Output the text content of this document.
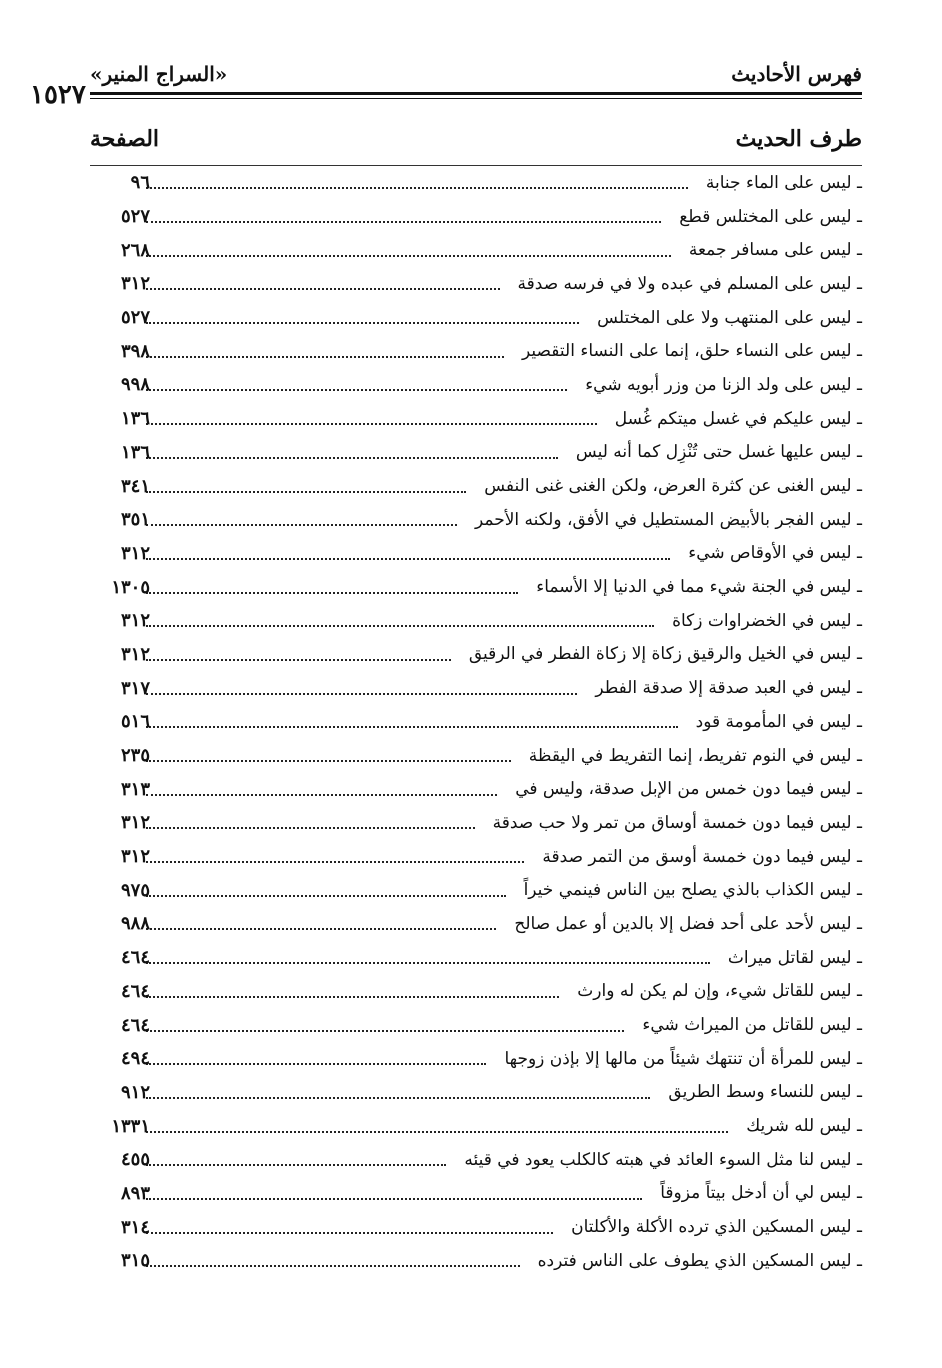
فهرس الأحاديث
«السراج المنير»
١٥٢٧
طرف الحديث
الصفحة
ـ ليس على الماء جنابة
٩٦
ـ ليس على المختلس قطع
٥٢٧
ـ ليس على مسافر جمعة
٢٦٨
ـ ليس على المسلم في عبده ولا في فرسه صدقة
٣١٢
ـ ليس على المنتهب ولا على المختلس
٥٢٧
ـ ليس على النساء حلق، إنما على النساء التقصير
٣٩٨
ـ ليس على ولد الزنا من وزر أبويه شيء
٩٩٨
ـ ليس عليكم في غسل ميتكم غُسل
١٣٦
ـ ليس عليها غسل حتى تُنْزِل كما أنه ليس
١٣٦
ـ ليس الغنى عن كثرة العرض، ولكن الغنى غنى النفس
٣٤١
ـ ليس الفجر بالأبيض المستطيل في الأفق، ولكنه الأحمر
٣٥١
ـ ليس في الأوقاص شيء
٣١٢
ـ ليس في الجنة شيء مما في الدنيا إلا الأسماء
١٣٠٥
ـ ليس في الخضراوات زكاة
٣١٢
ـ ليس في الخيل والرقيق زكاة إلا زكاة الفطر في الرقيق
٣١٢
ـ ليس في العبد صدقة إلا صدقة الفطر
٣١٧
ـ ليس في المأمومة قود
٥١٦
ـ ليس في النوم تفريط، إنما التفريط في اليقظة
٢٣٥
ـ ليس فيما دون خمس من الإبل صدقة، وليس في
٣١٣
ـ ليس فيما دون خمسة أوساق من تمر ولا حب صدقة
٣١٢
ـ ليس فيما دون خمسة أوسق من التمر صدقة
٣١٢
ـ ليس الكذاب بالذي يصلح بين الناس فينمي خيراً
٩٧٥
ـ ليس لأحد على أحد فضل إلا بالدين أو عمل صالح
٩٨٨
ـ ليس لقاتل ميراث
٤٦٤
ـ ليس للقاتل شيء، وإن لم يكن له وارث
٤٦٤
ـ ليس للقاتل من الميراث شيء
٤٦٤
ـ ليس للمرأة أن تنتهك شيئاً من مالها إلا بإذن زوجها
٤٩٤
ـ ليس للنساء وسط الطريق
٩١٢
ـ ليس لله شريك
١٣٣١
ـ ليس لنا مثل السوء العائد في هبته كالكلب يعود في قيئه
٤٥٥
ـ ليس لي أن أدخل بيتاً مزوقاً
٨٩٣
ـ ليس المسكين الذي ترده الأكلة والأكلتان
٣١٤
ـ ليس المسكين الذي يطوف على الناس فترده
٣١٥
